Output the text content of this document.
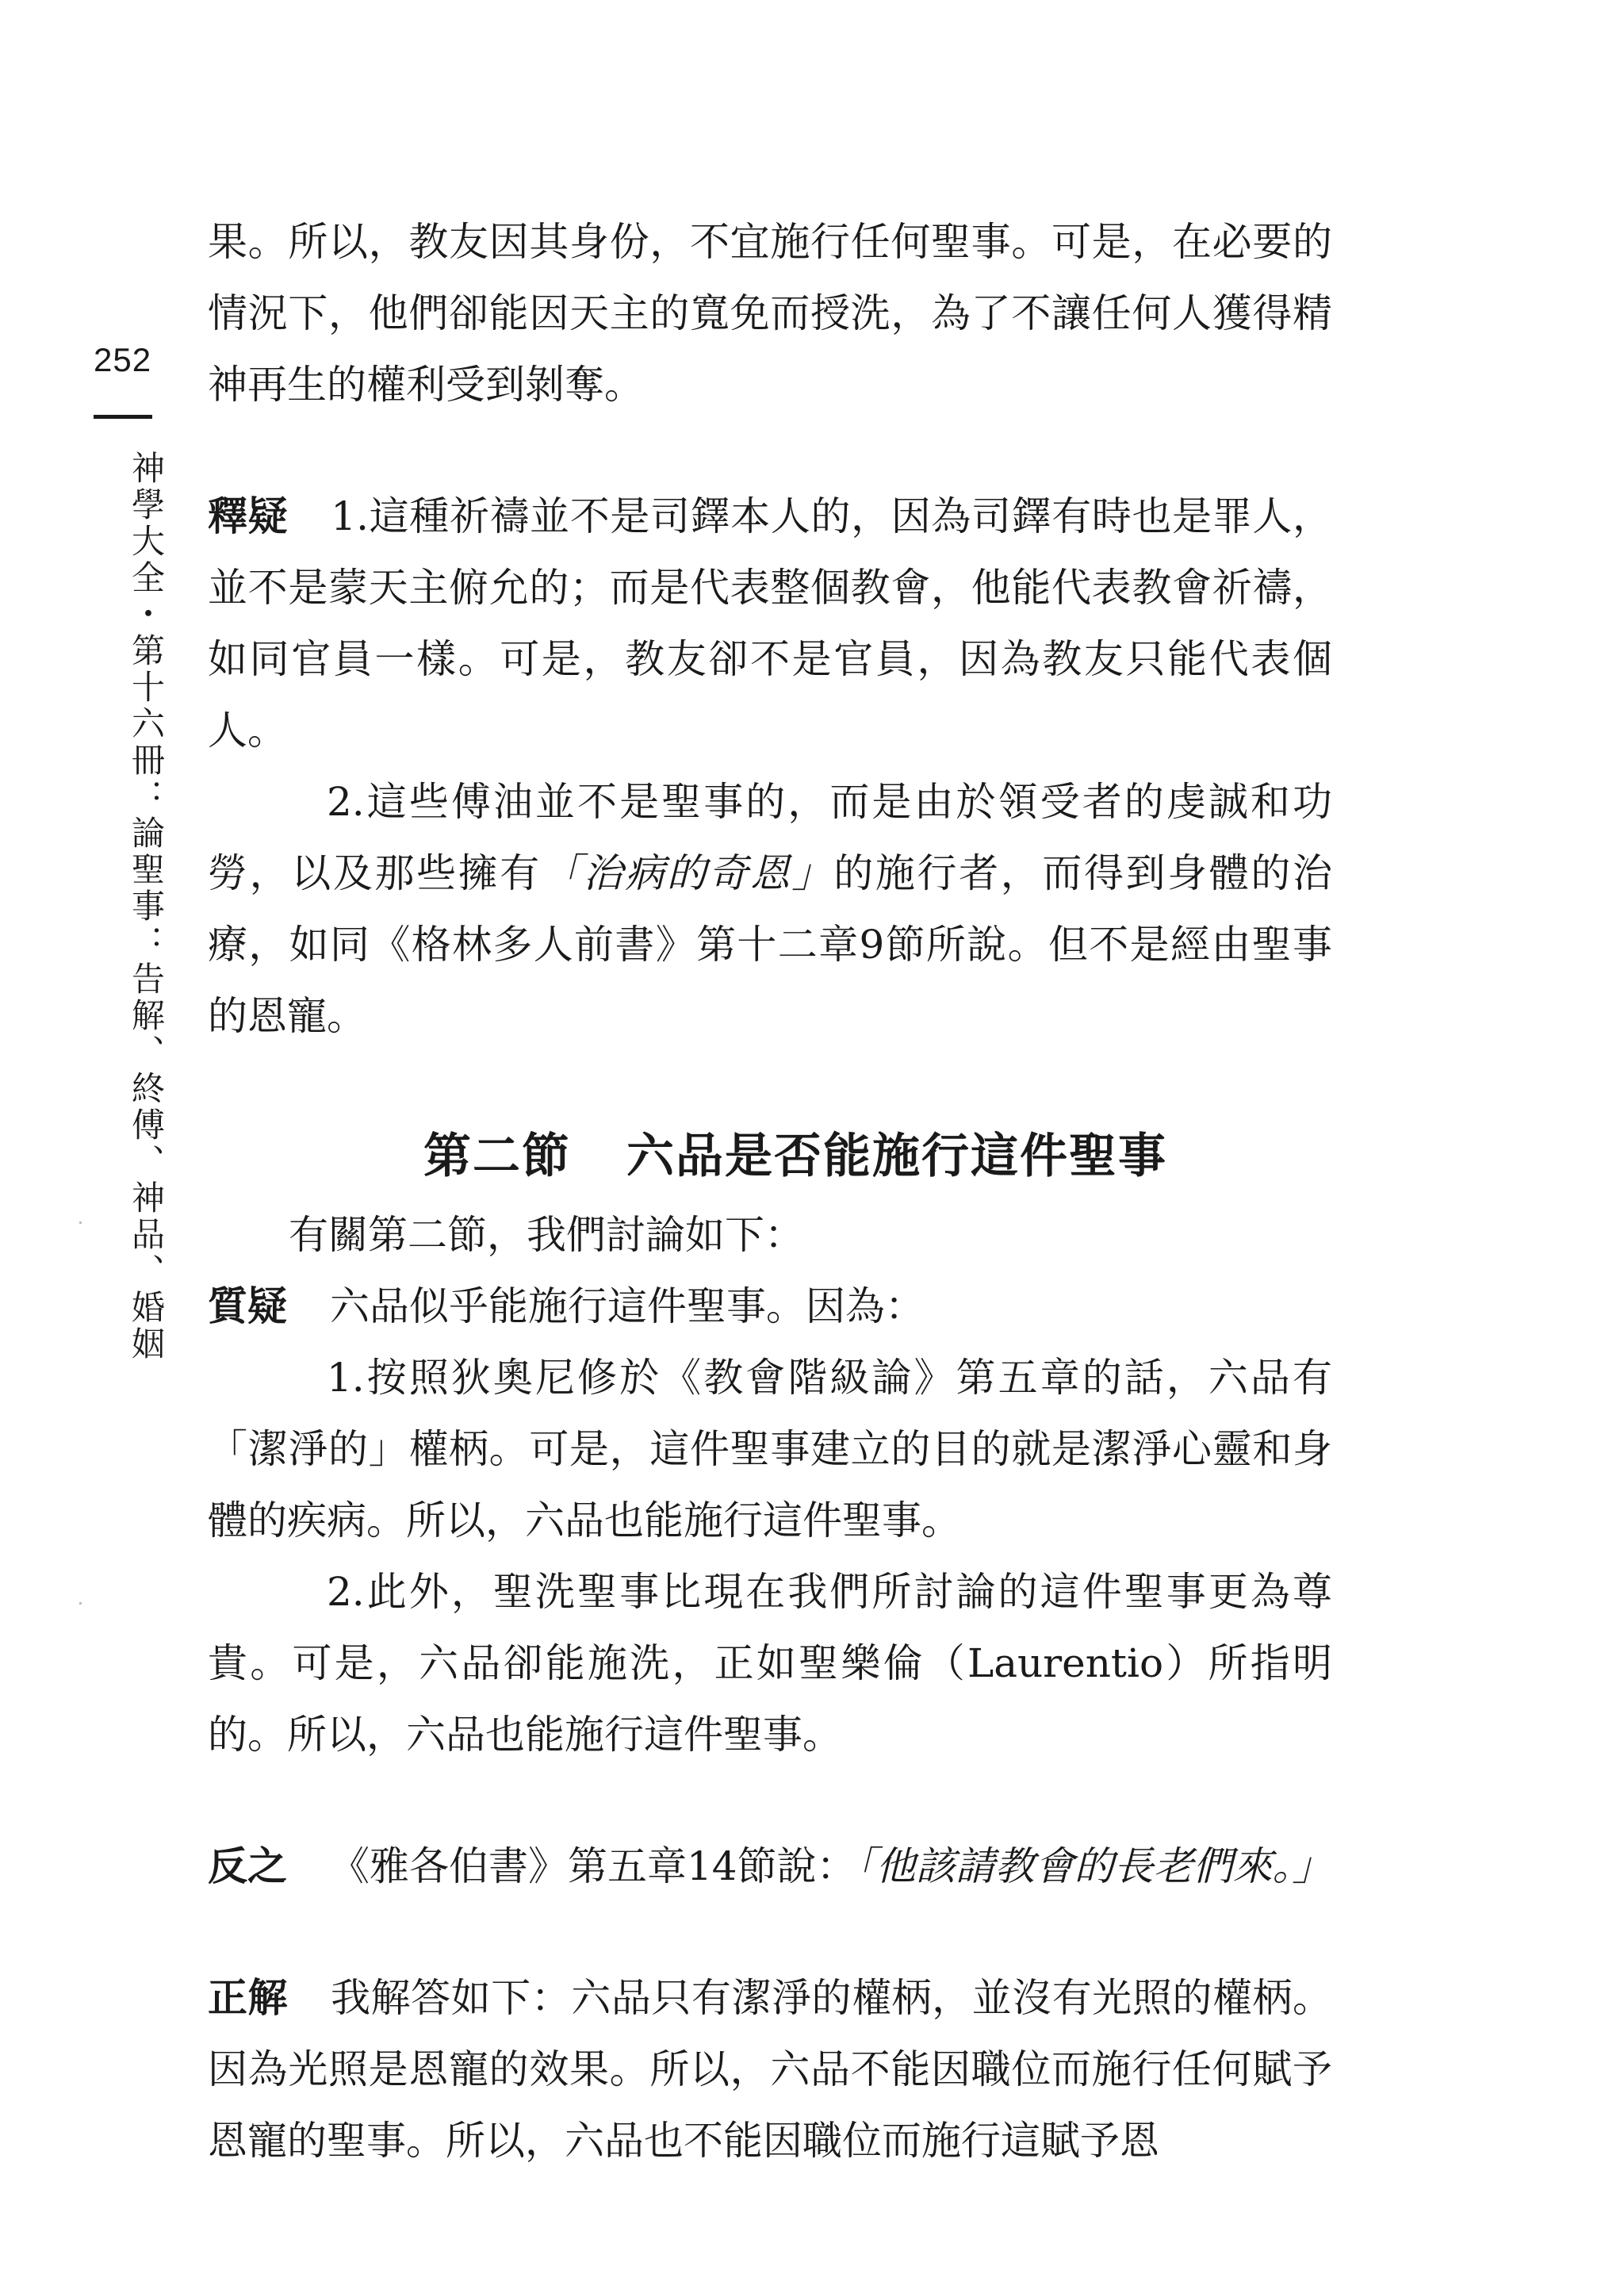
252
神學大全・第十六冊：論聖事：告解、終傅、神品、婚姻

果。所以，教友因其身份，不宜施行任何聖事。可是，在必要的情況下，他們卻能因天主的寬免而授洗，為了不讓任何人獲得精神再生的權利受到剝奪。

釋疑 1.這種祈禱並不是司鐸本人的，因為司鐸有時也是罪人，並不是蒙天主俯允的；而是代表整個教會，他能代表教會祈禱，如同官員一樣。可是，教友卻不是官員，因為教友只能代表個人。

2.這些傅油並不是聖事的，而是由於領受者的虔誠和功勞，以及那些擁有「治病的奇恩」的施行者，而得到身體的治療，如同《格林多人前書》第十二章9節所說。但不是經由聖事的恩寵。

第二節 六品是否能施行這件聖事

有關第二節，我們討論如下：

質疑 六品似乎能施行這件聖事。因為：

1.按照狄奧尼修於《教會階級論》第五章的話，六品有「潔淨的」權柄。可是，這件聖事建立的目的就是潔淨心靈和身體的疾病。所以，六品也能施行這件聖事。

2.此外，聖洗聖事比現在我們所討論的這件聖事更為尊貴。可是，六品卻能施洗，正如聖樂倫（Laurentio）所指明的。所以，六品也能施行這件聖事。

反之 《雅各伯書》第五章14節說：「他該請教會的長老們來。」

正解 我解答如下：六品只有潔淨的權柄，並沒有光照的權柄。因為光照是恩寵的效果。所以，六品不能因職位而施行任何賦予恩寵的聖事。所以，六品也不能因職位而施行這賦予恩
